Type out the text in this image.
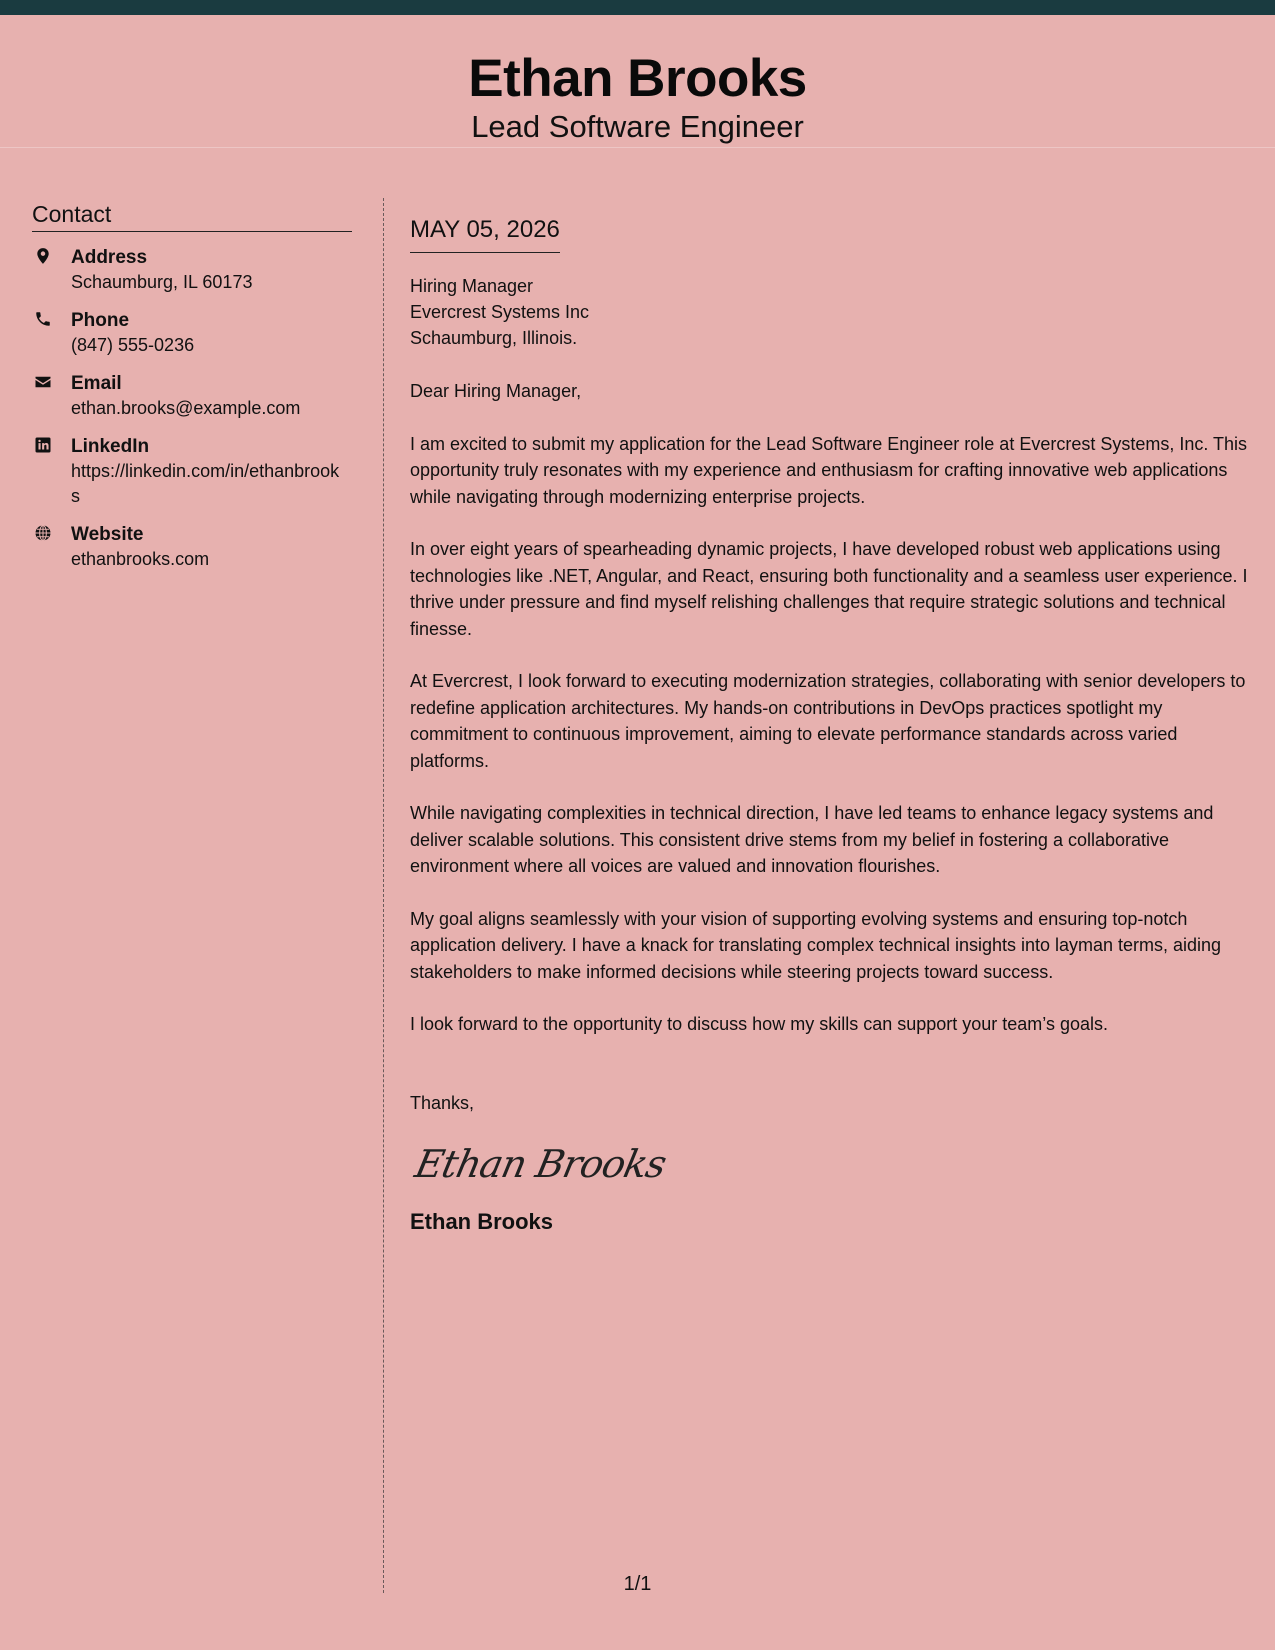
Ethan Brooks
Lead Software Engineer
Contact
Address
Schaumburg, IL 60173
Phone
(847) 555-0236
Email
ethan.brooks@example.com
LinkedIn
https://linkedin.com/in/ethanbrooks
Website
ethanbrooks.com
MAY 05, 2026
Hiring Manager
Evercrest Systems Inc
Schaumburg, Illinois.
Dear Hiring Manager,
I am excited to submit my application for the Lead Software Engineer role at Evercrest Systems, Inc. This opportunity truly resonates with my experience and enthusiasm for crafting innovative web applications while navigating through modernizing enterprise projects.
In over eight years of spearheading dynamic projects, I have developed robust web applications using technologies like .NET, Angular, and React, ensuring both functionality and a seamless user experience. I thrive under pressure and find myself relishing challenges that require strategic solutions and technical finesse.
At Evercrest, I look forward to executing modernization strategies, collaborating with senior developers to redefine application architectures. My hands-on contributions in DevOps practices spotlight my commitment to continuous improvement, aiming to elevate performance standards across varied platforms.
While navigating complexities in technical direction, I have led teams to enhance legacy systems and deliver scalable solutions. This consistent drive stems from my belief in fostering a collaborative environment where all voices are valued and innovation flourishes.
My goal aligns seamlessly with your vision of supporting evolving systems and ensuring top-notch application delivery. I have a knack for translating complex technical insights into layman terms, aiding stakeholders to make informed decisions while steering projects toward success.
I look forward to the opportunity to discuss how my skills can support your team’s goals.
Thanks,
Ethan Brooks
Ethan Brooks
1/1
